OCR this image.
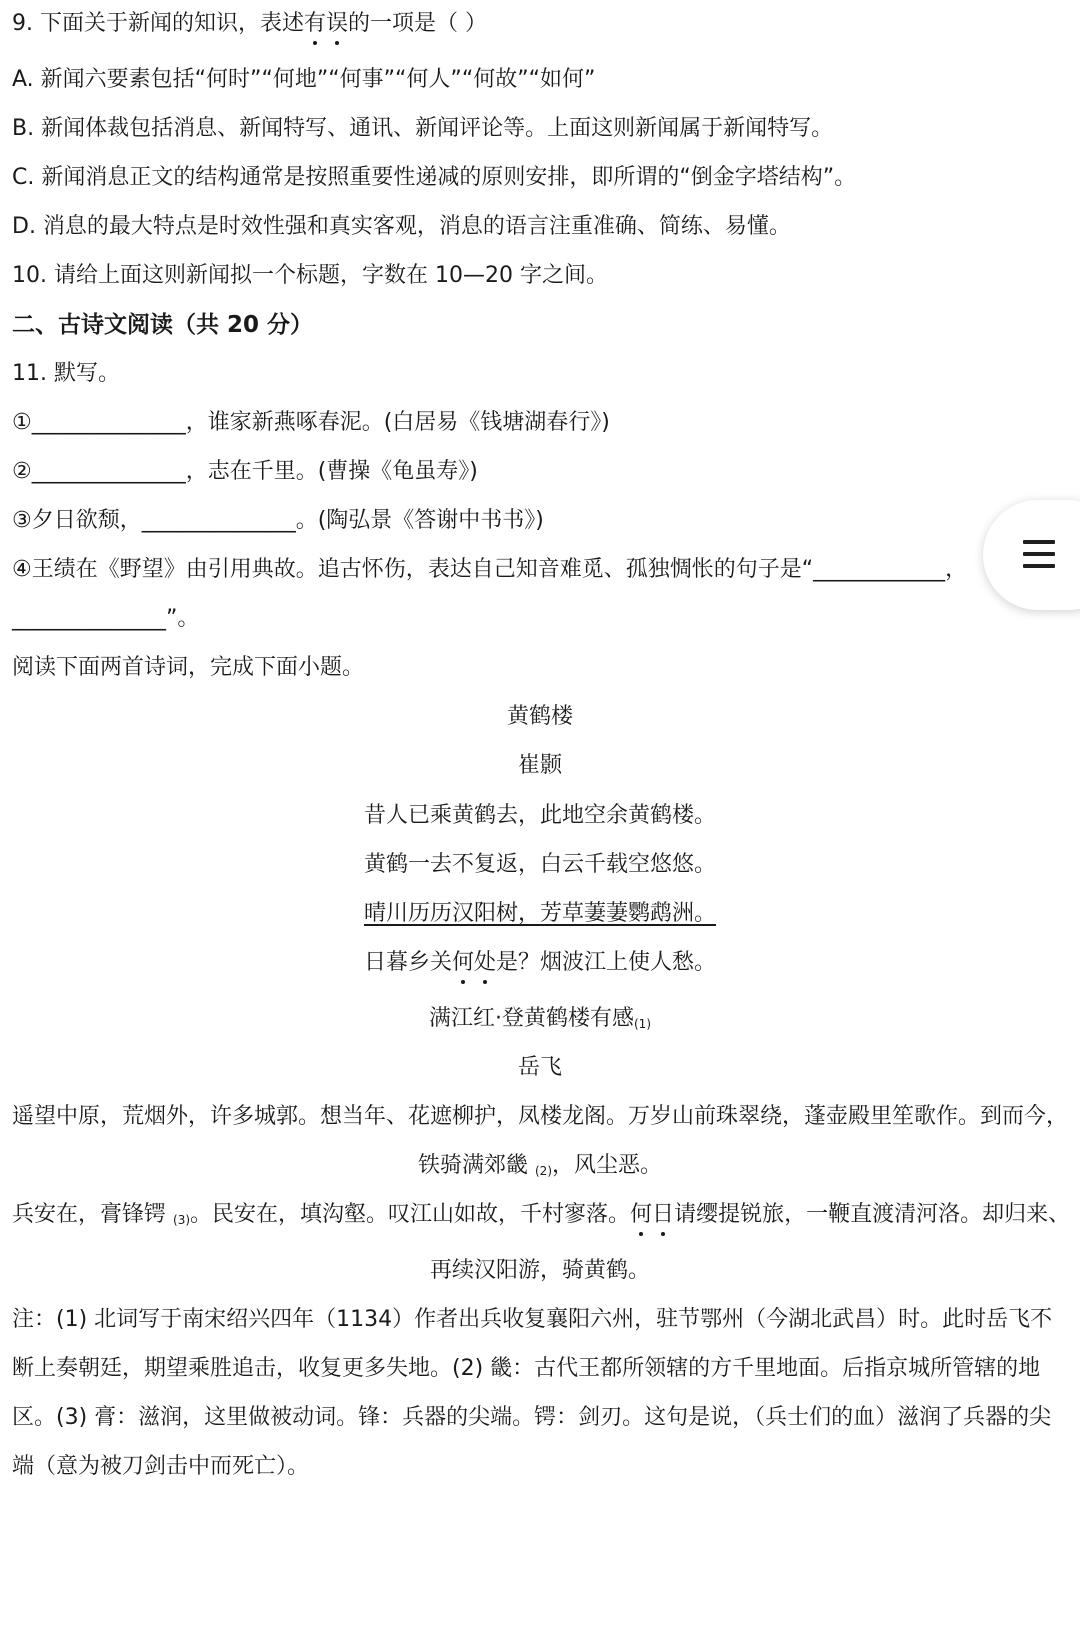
9. 下面关于新闻的知识，表述有误的一项是（ ）
A. 新闻六要素包括“何时”“何地”“何事”“何人”“何故”“如何”
B. 新闻体裁包括消息、新闻特写、通讯、新闻评论等。上面这则新闻属于新闻特写。
C. 新闻消息正文的结构通常是按照重要性递减的原则安排，即所谓的“倒金字塔结构”。
D. 消息的最大特点是时效性强和真实客观，消息的语言注重准确、简练、易懂。
10. 请给上面这则新闻拟一个标题，字数在 10—20 字之间。
二、古诗文阅读（共 20 分）
11. 默写。
①______________，谁家新燕啄春泥。(白居易《钱塘湖春行》)
②______________，志在千里。(曹操《龟虽寿》)
③夕日欲颓，______________。(陶弘景《答谢中书书》)
④王绩在《野望》由引用典故。追古怀伤，表达自己知音难觅、孤独惆怅的句子是“____________，
______________”。
阅读下面两首诗词，完成下面小题。
黄鹤楼
崔颢
昔人已乘黄鹤去，此地空余黄鹤楼。
黄鹤一去不复返，白云千载空悠悠。
晴川历历汉阳树，芳草萋萋鹦鹉洲。
日暮乡关何处是？烟波江上使人愁。
满江红·登黄鹤楼有感$_{(1)}$
岳飞
遥望中原，荒烟外，许多城郭。想当年、花遮柳护，凤楼龙阁。万岁山前珠翠绕，蓬壶殿里笙歌作。到而今，
铁骑满郊畿 $_{(2)}$，风尘恶。
兵安在，膏锋锷 $_{(3)}$。民安在，填沟壑。叹江山如故，千村寥落。何日请缨提锐旅，一鞭直渡清河洛。却归来、
再续汉阳游，骑黄鹤。
注：(1) 北词写于南宋绍兴四年（1134）作者出兵收复襄阳六州，驻节鄂州（今湖北武昌）时。此时岳飞不
断上奏朝廷，期望乘胜追击，收复更多失地。(2) 畿：古代王都所领辖的方千里地面。后指京城所管辖的地
区。(3) 膏：滋润，这里做被动词。锋：兵器的尖端。锷：剑刃。这句是说，（兵士们的血）滋润了兵器的尖
端（意为被刀剑击中而死亡）。
